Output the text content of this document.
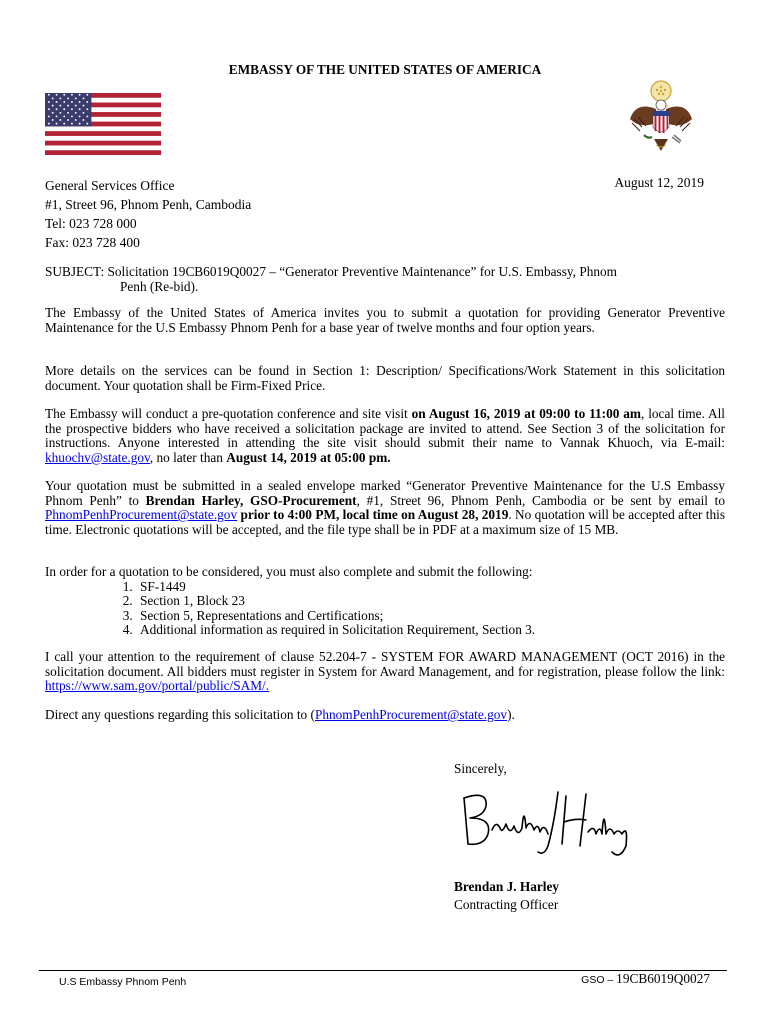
EMBASSY OF THE UNITED STATES OF AMERICA
General Services Office
#1, Street 96, Phnom Penh, Cambodia
Tel: 023 728 000
Fax: 023 728 400
August 12, 2019
SUBJECT: Solicitation 19CB6019Q0027 – “Generator Preventive Maintenance” for U.S. Embassy, Phnom
Penh (Re-bid).
The Embassy of the United States of America invites you to submit a quotation for providing Generator Preventive Maintenance for the U.S Embassy Phnom Penh for a base year of twelve months and four option years.
More details on the services can be found in Section 1: Description/ Specifications/Work Statement in this solicitation document. Your quotation shall be Firm-Fixed Price.
The Embassy will conduct a pre-quotation conference and site visit on August 16, 2019 at 09:00 to 11:00 am, local time. All the prospective bidders who have received a solicitation package are invited to attend. See Section 3 of the solicitation for instructions. Anyone interested in attending the site visit should submit their name to Vannak Khuoch, via E-mail: khuochv@state.gov, no later than August 14, 2019 at 05:00 pm.
Your quotation must be submitted in a sealed envelope marked “Generator Preventive Maintenance for the U.S Embassy Phnom Penh” to Brendan Harley, GSO-Procurement, #1, Street 96, Phnom Penh, Cambodia or be sent by email to PhnomPenhProcurement@state.gov prior to 4:00 PM, local time on August 28, 2019. No quotation will be accepted after this time. Electronic quotations will be accepted, and the file type shall be in PDF at a maximum size of 15 MB.
In order for a quotation to be considered, you must also complete and submit the following:
1. SF-1449
2. Section 1, Block 23
3. Section 5, Representations and Certifications;
4. Additional information as required in Solicitation Requirement, Section 3.
I call your attention to the requirement of clause 52.204-7 - SYSTEM FOR AWARD MANAGEMENT (OCT 2016) in the solicitation document. All bidders must register in System for Award Management, and for registration, please follow the link: https://www.sam.gov/portal/public/SAM/.
Direct any questions regarding this solicitation to (PhnomPenhProcurement@state.gov).
Sincerely,
Brendan J. Harley
Contracting Officer
U.S Embassy Phnom Penh	GSO – 19CB6019Q0027
